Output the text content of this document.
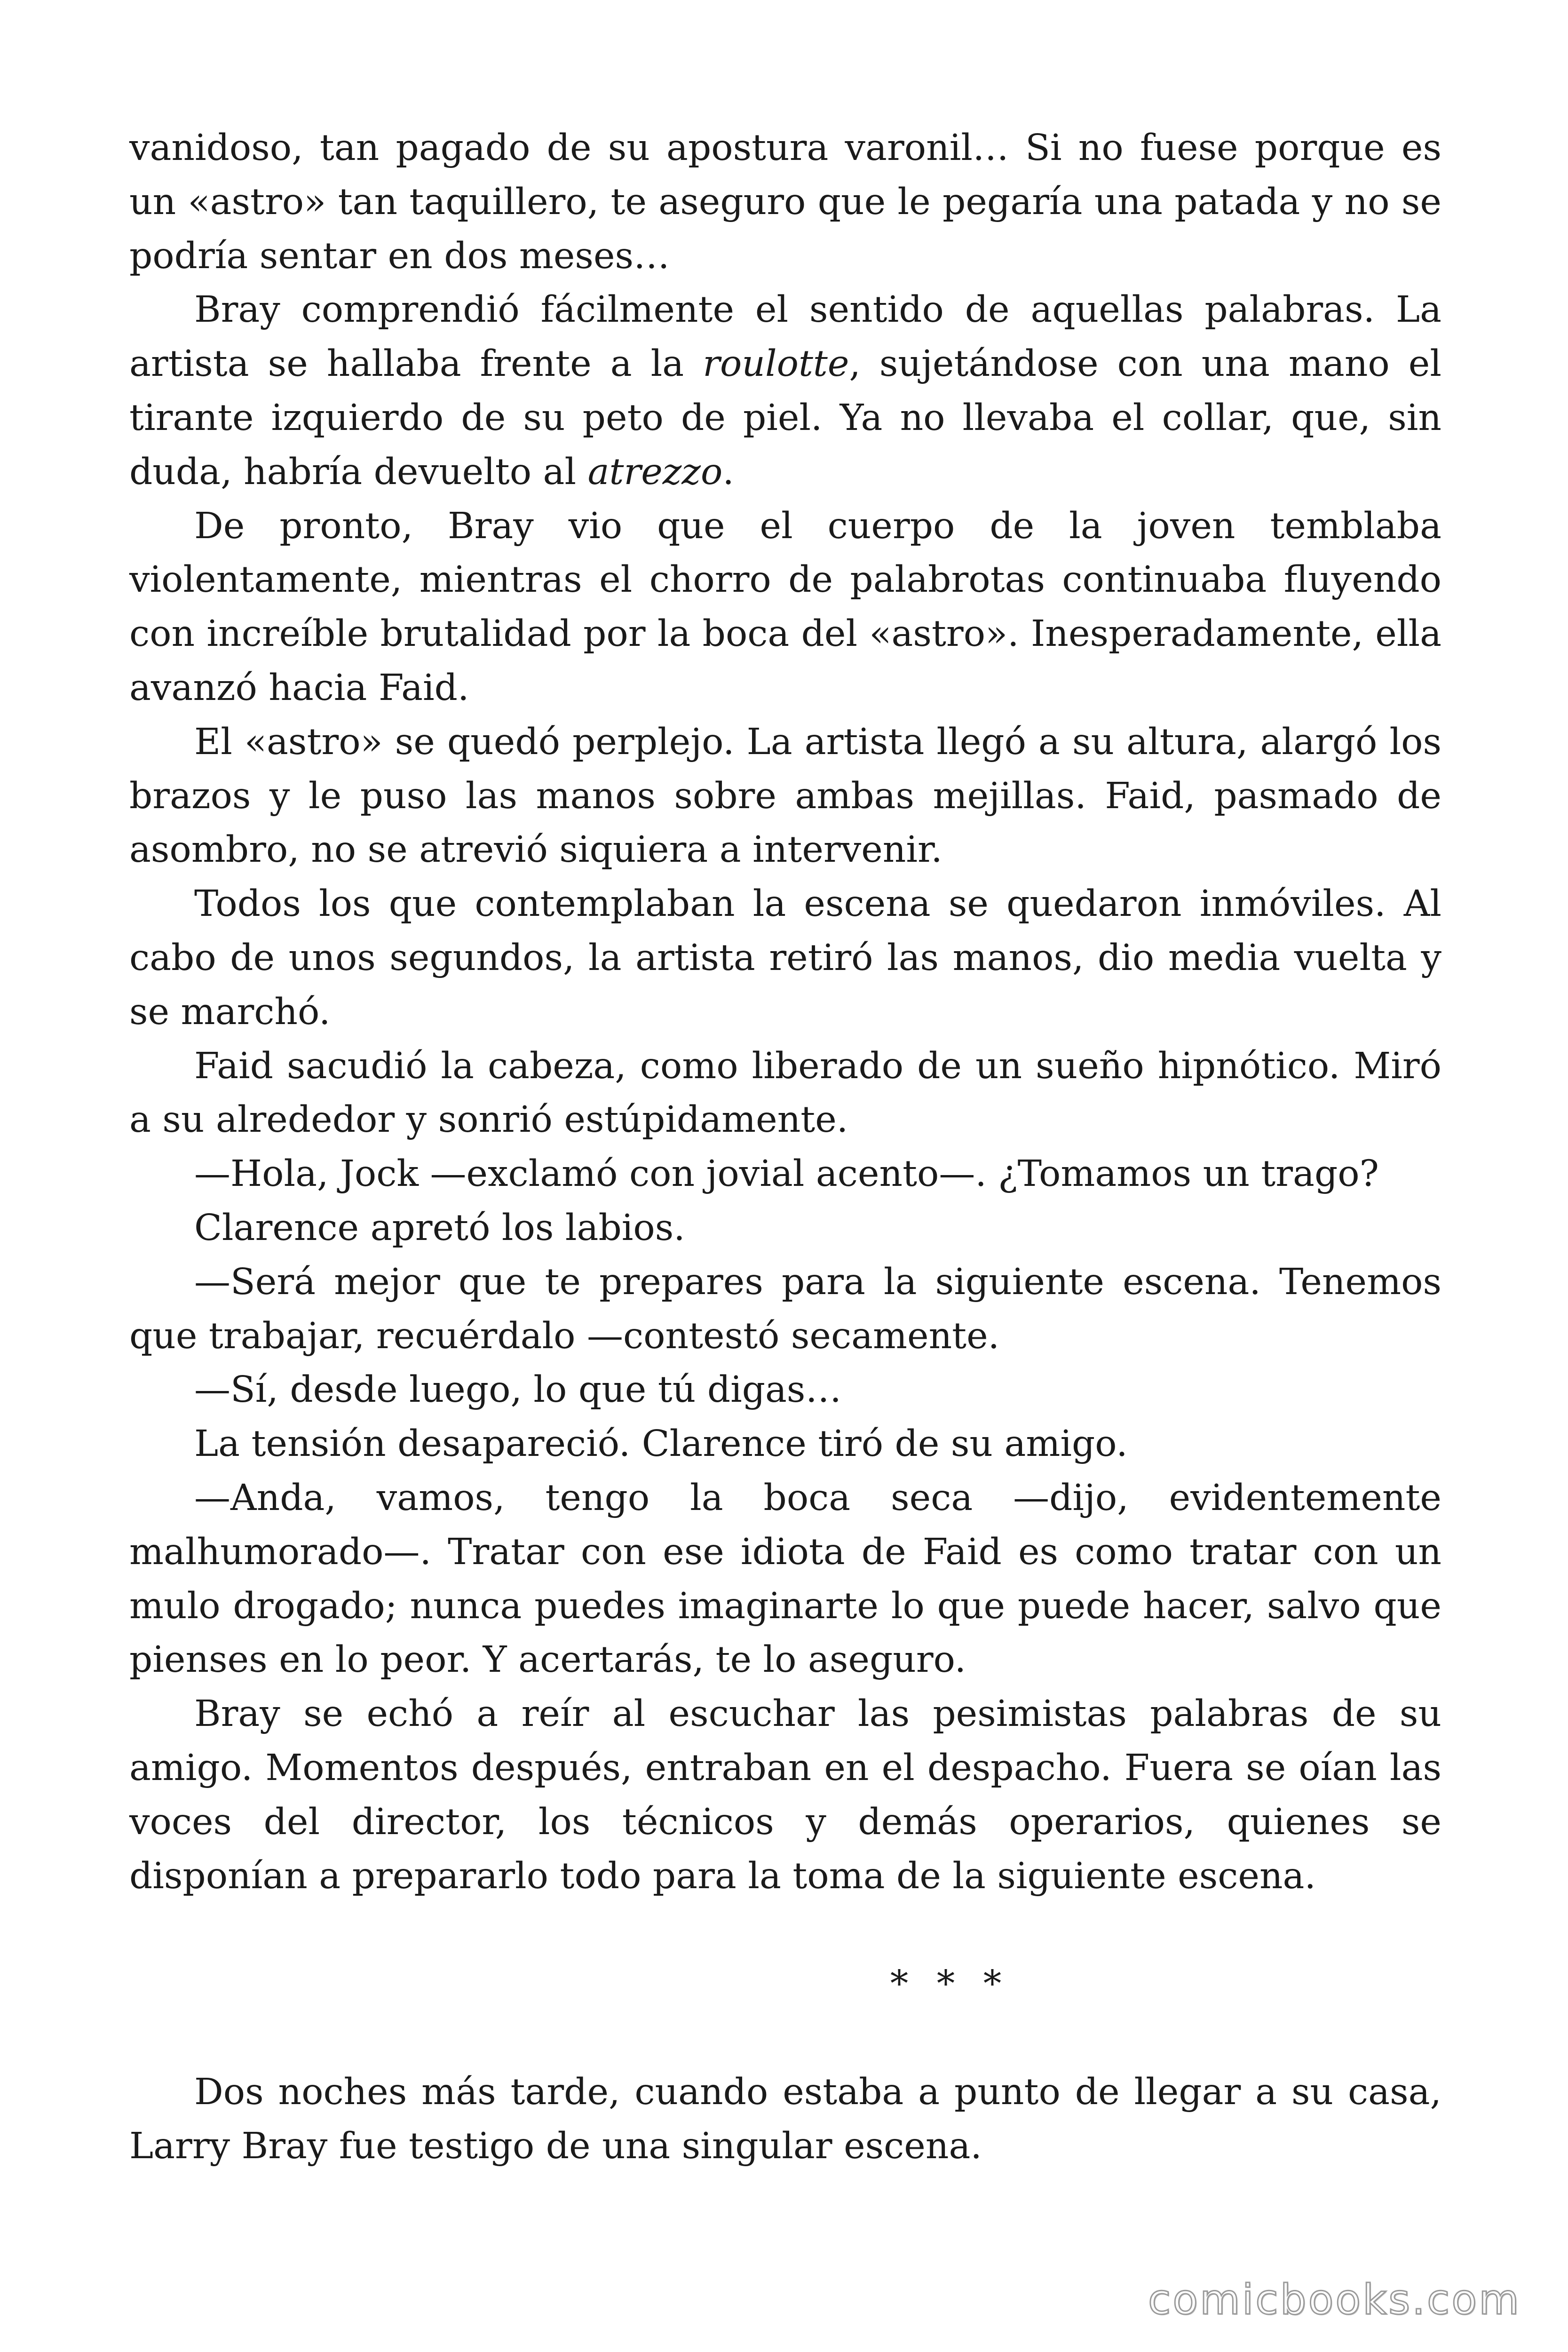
vanidoso, tan pagado de su apostura varonil… Si no fuese porque es un «astro» tan taquillero, te aseguro que le pegaría una patada y no se podría sentar en dos meses…

Bray comprendió fácilmente el sentido de aquellas palabras. La artista se hallaba frente a la roulotte, sujetándose con una mano el tirante izquierdo de su peto de piel. Ya no llevaba el collar, que, sin duda, habría devuelto al atrezzo.

De pronto, Bray vio que el cuerpo de la joven temblaba violentamente, mientras el chorro de palabrotas continuaba fluyendo con increíble brutalidad por la boca del «astro». Inesperadamente, ella avanzó hacia Faid.

El «astro» se quedó perplejo. La artista llegó a su altura, alargó los brazos y le puso las manos sobre ambas mejillas. Faid, pasmado de asombro, no se atrevió siquiera a intervenir.

Todos los que contemplaban la escena se quedaron inmóviles. Al cabo de unos segundos, la artista retiró las manos, dio media vuelta y se marchó.

Faid sacudió la cabeza, como liberado de un sueño hipnótico. Miró a su alrededor y sonrió estúpidamente.

—Hola, Jock —exclamó con jovial acento—. ¿Tomamos un trago?

Clarence apretó los labios.

—Será mejor que te prepares para la siguiente escena. Tenemos que trabajar, recuérdalo —contestó secamente.

—Sí, desde luego, lo que tú digas…

La tensión desapareció. Clarence tiró de su amigo.

—Anda, vamos, tengo la boca seca —dijo, evidentemente malhumorado—. Tratar con ese idiota de Faid es como tratar con un mulo drogado; nunca puedes imaginarte lo que puede hacer, salvo que pienses en lo peor. Y acertarás, te lo aseguro.

Bray se echó a reír al escuchar las pesimistas palabras de su amigo. Momentos después, entraban en el despacho. Fuera se oían las voces del director, los técnicos y demás operarios, quienes se disponían a prepararlo todo para la toma de la siguiente escena.

* * *

Dos noches más tarde, cuando estaba a punto de llegar a su casa, Larry Bray fue testigo de una singular escena.

comicbooks.com
